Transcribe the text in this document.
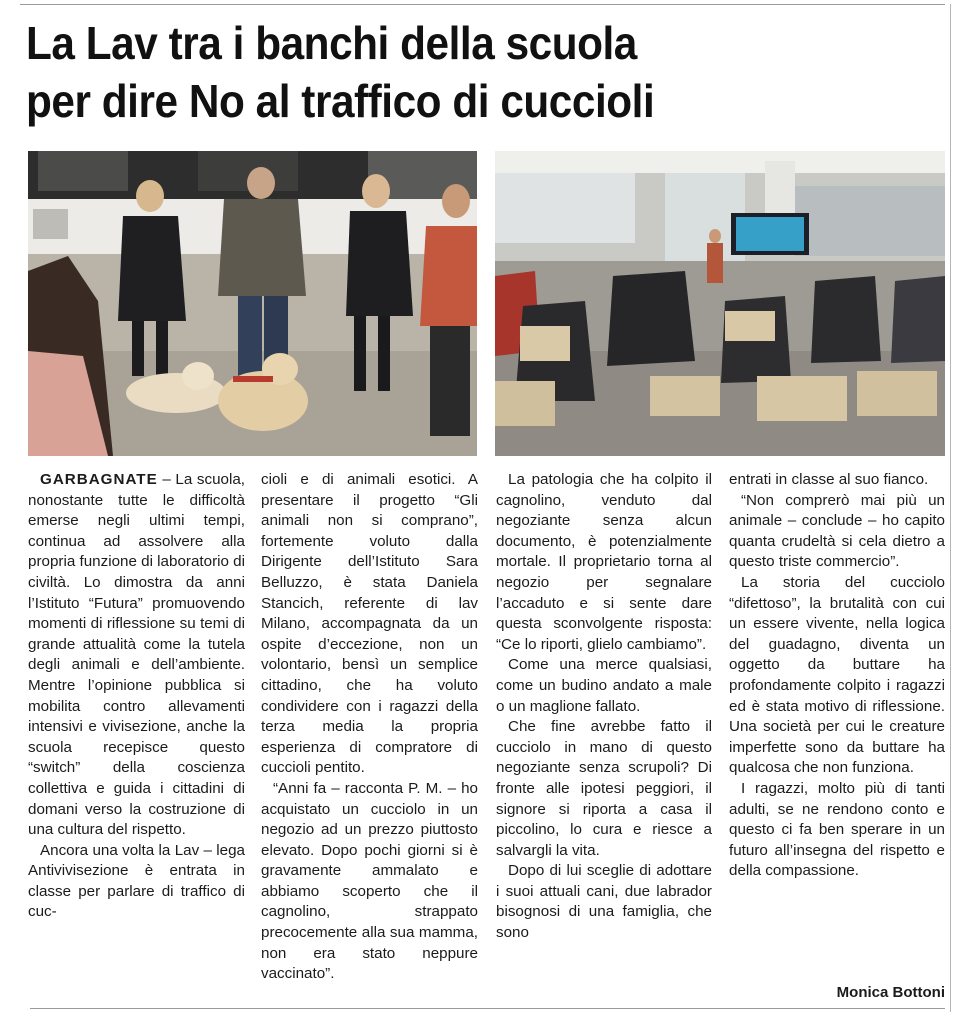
La Lav tra i banchi della scuola
per dire No al traffico di cuccioli

GARBAGNATE – La scuola, nonostante tutte le difficoltà emerse negli ultimi tempi, continua ad assolvere alla propria funzione di laboratorio di civiltà. Lo dimostra da anni l’Istituto “Futura” promuovendo momenti di riflessione su temi di grande attualità come la tutela degli animali e dell’ambiente. Mentre l’opinione pubblica si mobilita contro allevamenti intensivi e vivisezione, anche la scuola recepisce questo “switch” della coscienza collettiva e guida i cittadini di domani verso la costruzione di una cultura del rispetto.

Ancora una volta la Lav – lega Antivivisezione è entrata in classe per parlare di traffico di cuc-

cioli e di animali esotici. A presentare il progetto “Gli animali non si comprano”, fortemente voluto dalla Dirigente dell’Istituto Sara Belluzzo, è stata Daniela Stancich, referente di lav Milano, accompagnata da un ospite d’eccezione, non un volontario, bensì un semplice cittadino, che ha voluto condividere con i ragazzi della terza media la propria esperienza di compratore di cuccioli pentito.

“Anni fa – racconta P. M. – ho acquistato un cucciolo in un negozio ad un prezzo piuttosto elevato. Dopo pochi giorni si è gravamente ammalato e abbiamo scoperto che il cagnolino, strappato precocemente alla sua mamma, non era stato neppure vaccinato”.

La patologia che ha colpito il cagnolino, venduto dal negoziante senza alcun documento, è potenzialmente mortale. Il proprietario torna al negozio per segnalare l’accaduto e si sente dare questa sconvolgente risposta: “Ce lo riporti, glielo cambiamo”.

Come una merce qualsiasi, come un budino andato a male o un maglione fallato.

Che fine avrebbe fatto il cucciolo in mano di questo negoziante senza scrupoli? Di fronte alle ipotesi peggiori, il signore si riporta a casa il piccolino, lo cura e riesce a salvargli la vita.

Dopo di lui sceglie di adottare i suoi attuali cani, due labrador bisognosi di una famiglia, che sono

entrati in classe al suo fianco.

“Non comprerò mai più un animale – conclude – ho capito quanta crudeltà si cela dietro a questo triste commercio”.

La storia del cucciolo “difettoso”, la brutalità con cui un essere vivente, nella logica del guadagno, diventa un oggetto da buttare ha profondamente colpito i ragazzi ed è stata motivo di riflessione. Una società per cui le creature imperfette sono da buttare ha qualcosa che non funziona.

I ragazzi, molto più di tanti adulti, se ne rendono conto e questo ci fa ben sperare in un futuro all’insegna del rispetto e della compassione.

Monica Bottoni
